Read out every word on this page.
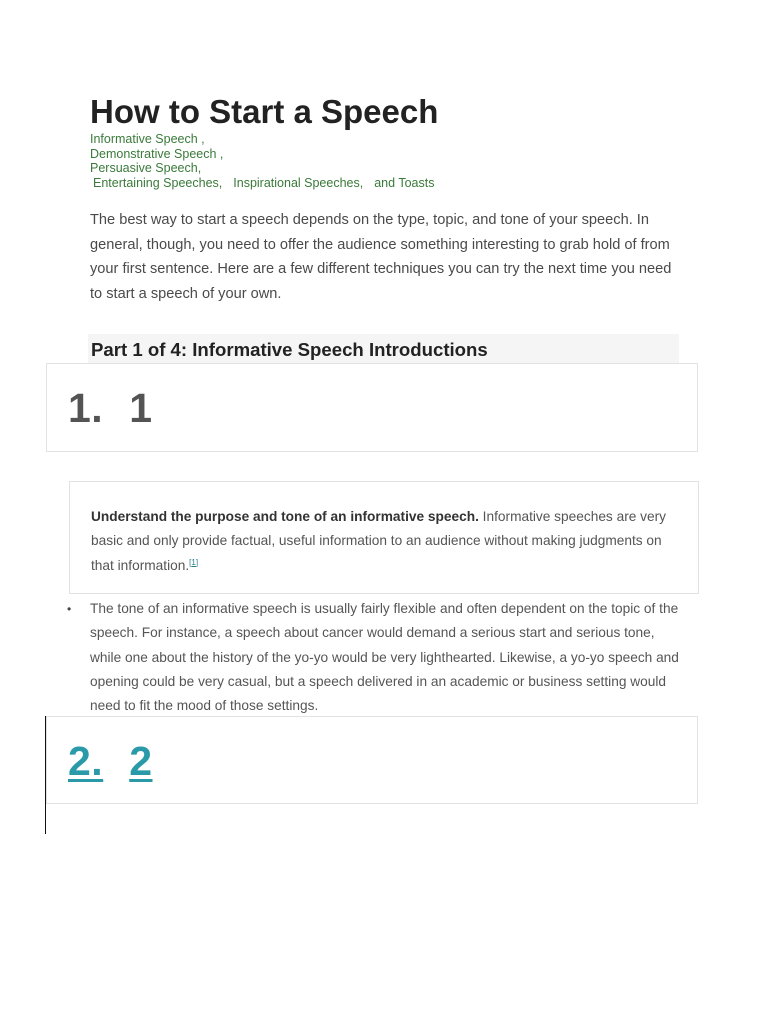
How to Start a Speech
Informative Speech ,
Demonstrative Speech ,
Persuasive Speech,
Entertaining Speeches, Inspirational Speeches, and Toasts

The best way to start a speech depends on the type, topic, and tone of your speech. In general, though, you need to offer the audience something interesting to grab hold of from your first sentence. Here are a few different techniques you can try the next time you need to start a speech of your own.

Part 1 of 4: Informative Speech Introductions
1. 1

Understand the purpose and tone of an informative speech. Informative speeches are very basic and only provide factual, useful information to an audience without making judgments on that information.[1]

• The tone of an informative speech is usually fairly flexible and often dependent on the topic of the speech. For instance, a speech about cancer would demand a serious start and serious tone, while one about the history of the yo-yo would be very lighthearted. Likewise, a yo-yo speech and opening could be very casual, but a speech delivered in an academic or business setting would need to fit the mood of those settings.
2. 2
